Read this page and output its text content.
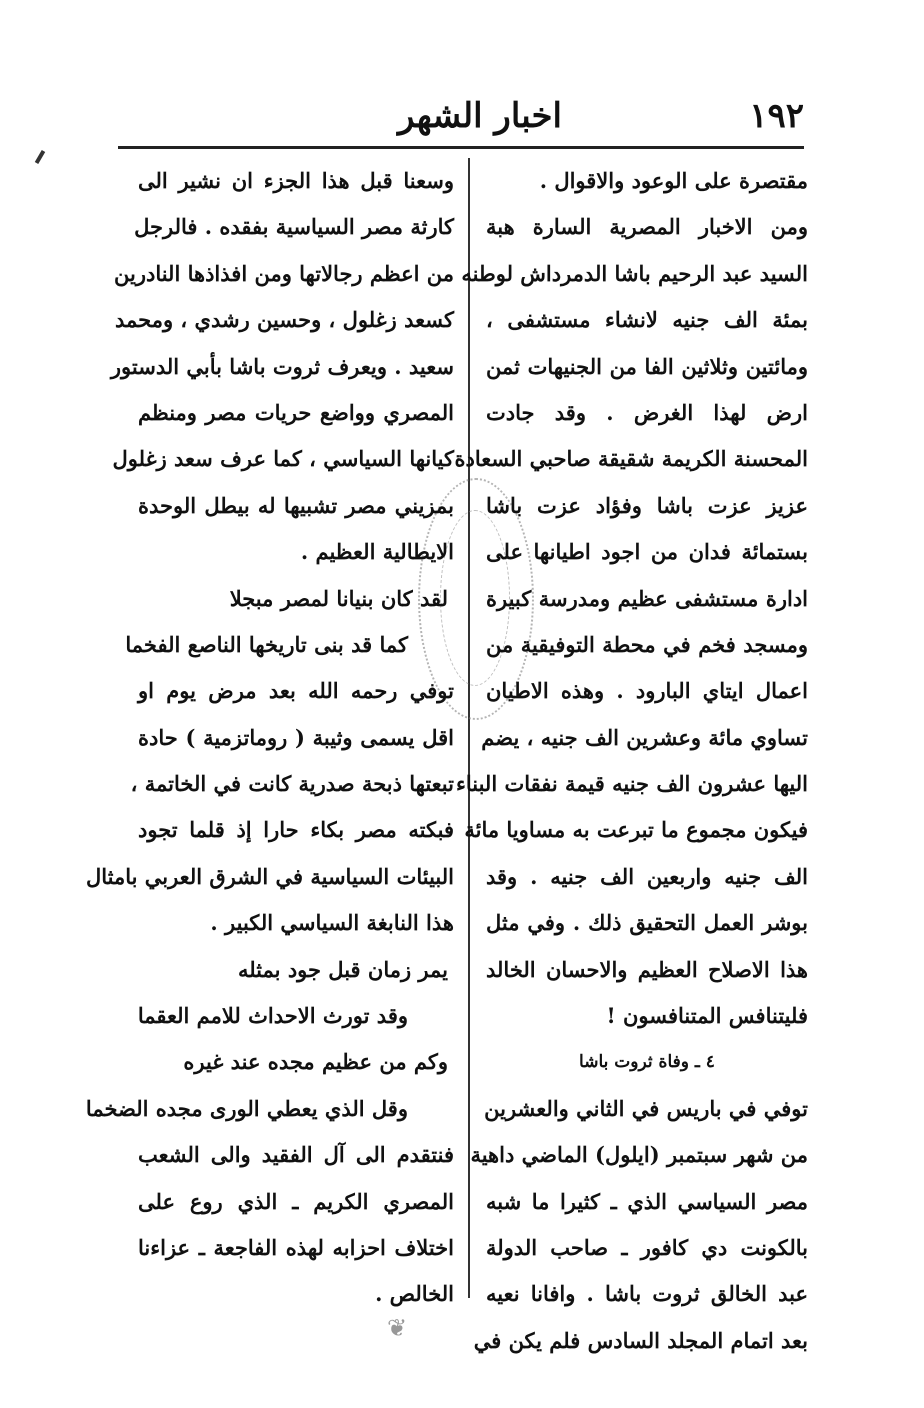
١٩٢
اخبار الشهر
مقتصرة على الوعود والاقوال .
ومن الاخبار المصرية السارة هبة
السيد عبد الرحيم باشا الدمرداش لوطنه
بمئة الف جنيه لانشاء مستشفى ،
ومائتين وثلاثين الفا من الجنيهات ثمن
ارض لهذا الغرض . وقد جادت
المحسنة الكريمة شقيقة صاحبي السعادة
عزيز عزت باشا وفؤاد عزت باشا
بستمائة فدان من اجود اطيانها على
ادارة مستشفى عظيم ومدرسة كبيرة
ومسجد فخم في محطة التوفيقية من
اعمال ايتاي البارود . وهذه الاطيان
تساوي مائة وعشرين الف جنيه ، يضم
اليها عشرون الف جنيه قيمة نفقات البناء
فيكون مجموع ما تبرعت به مساويا مائة
الف جنيه واربعين الف جنيه . وقد
بوشر العمل التحقيق ذلك . وفي مثل
هذا الاصلاح العظيم والاحسان الخالد
فليتنافس المتنافسون !
٤ ـ وفاة ثروت باشا
توفي في باريس في الثاني والعشرين
من شهر سبتمبر (ايلول) الماضي داهية
مصر السياسي الذي ـ كثيرا ما شبه
بالكونت دي كافور ـ صاحب الدولة
عبد الخالق ثروت باشا . وافانا نعيه
بعد اتمام المجلد السادس فلم يكن في
وسعنا قبل هذا الجزء ان نشير الى
كارثة مصر السياسية بفقده . فالرجل
من اعظم رجالاتها ومن افذاذها النادرين
كسعد زغلول ، وحسين رشدي ، ومحمد
سعيد . ويعرف ثروت باشا بأبي الدستور
المصري وواضع حريات مصر ومنظم
كيانها السياسي ، كما عرف سعد زغلول
بمزيني مصر تشبيها له بيطل الوحدة
الايطالية العظيم .
لقد كان بنيانا لمصر مبجلا
كما قد بنى تاريخها الناصع الفخما
توفي رحمه الله بعد مرض يوم او
اقل يسمى وثيبة ( روماتزمية ) حادة
تبعتها ذبحة صدرية كانت في الخاتمة ،
فبكته مصر بكاء حارا إذ قلما تجود
البيئات السياسية في الشرق العربي بامثال
هذا النابغة السياسي الكبير .
يمر زمان قبل جود بمثله
وقد تورث الاحداث للامم العقما
وكم من عظيم مجده عند غيره
وقل الذي يعطي الورى مجده الضخما
فنتقدم الى آل الفقيد والى الشعب
المصري الكريم ـ الذي روع على
اختلاف احزابه لهذه الفاجعة ـ عزاءنا
الخالص .
❦
